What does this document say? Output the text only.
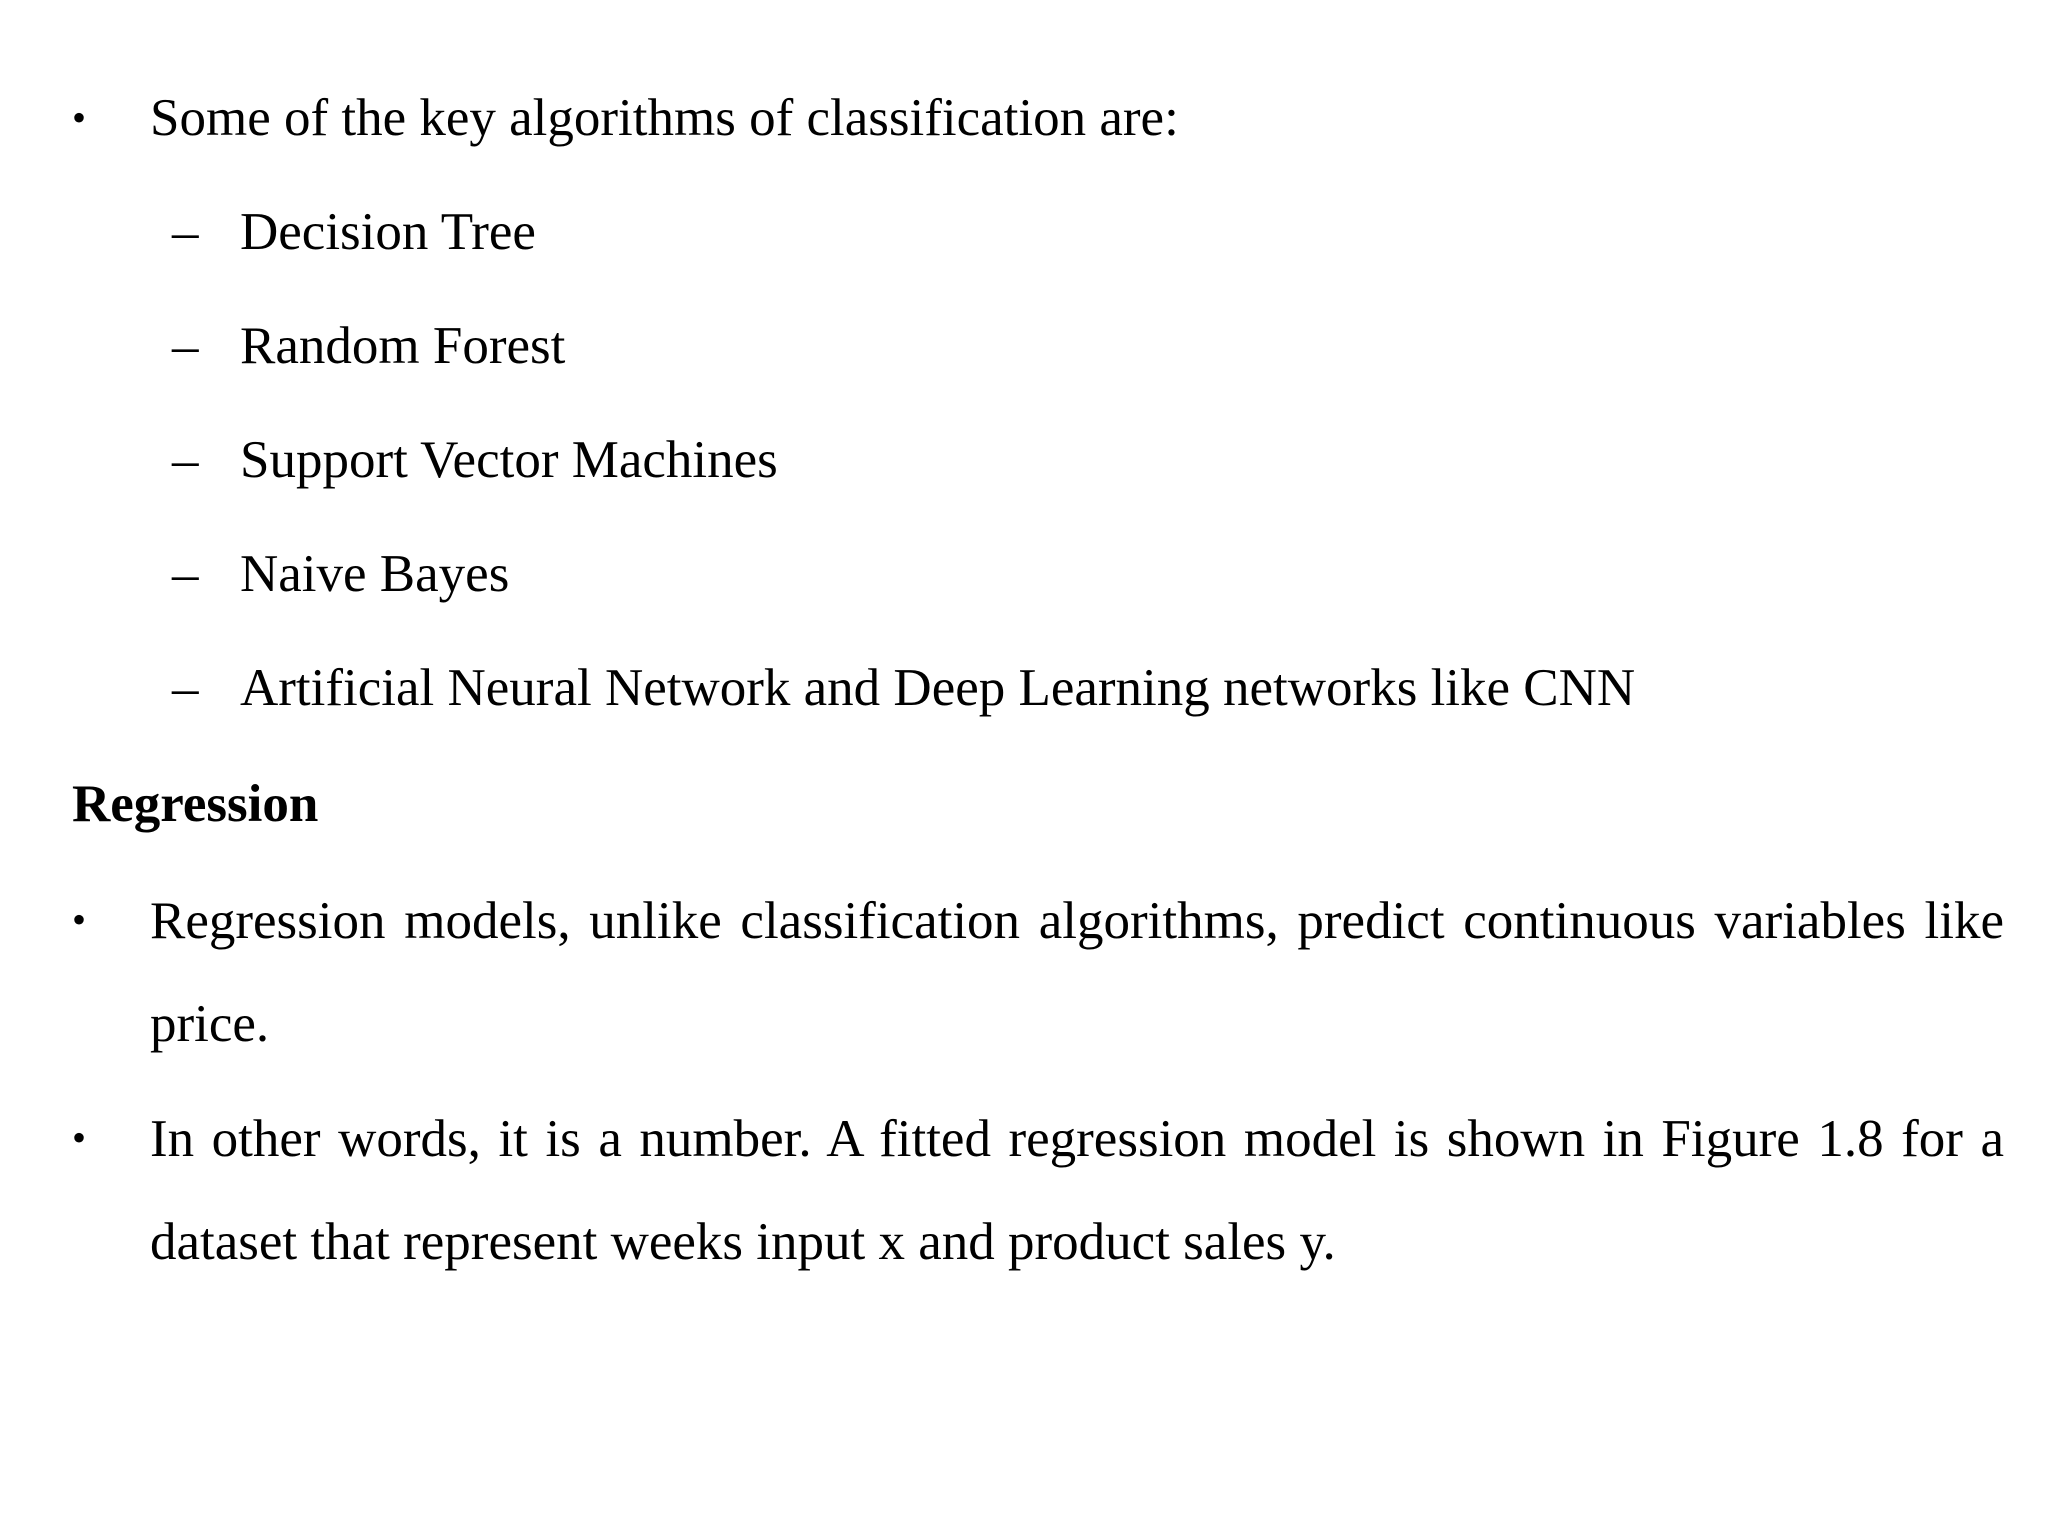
• Some of the key algorithms of classification are:
– Decision Tree
– Random Forest
– Support Vector Machines
– Naive Bayes
– Artificial Neural Network and Deep Learning networks like CNN
Regression
• Regression models, unlike classification algorithms, predict continuous variables like price.
• In other words, it is a number. A fitted regression model is shown in Figure 1.8 for a dataset that represent weeks input x and product sales y.
